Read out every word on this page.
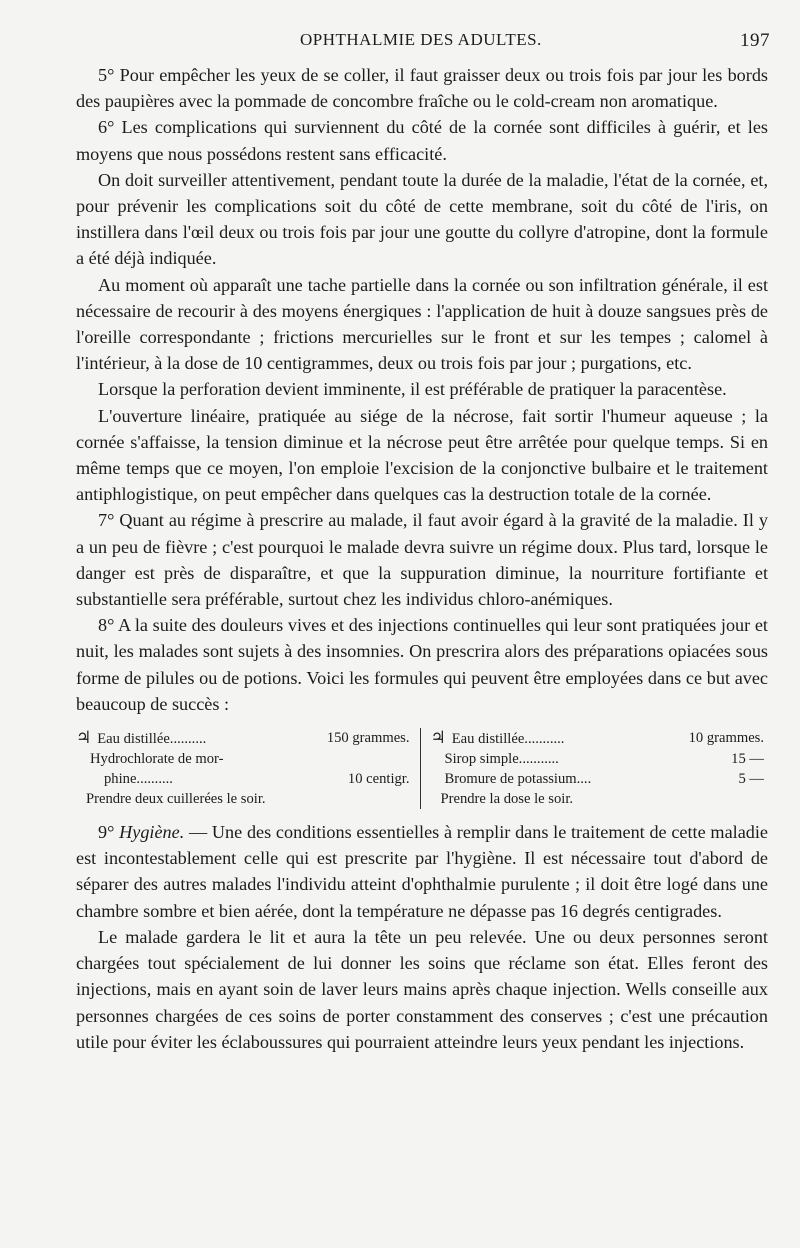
OPHTHALMIE DES ADULTES.	197

5° Pour empêcher les yeux de se coller, il faut graisser deux ou trois fois par jour les bords des paupières avec la pommade de concombre fraîche ou le cold-cream non aromatique.

6° Les complications qui surviennent du côté de la cornée sont difficiles à guérir, et les moyens que nous possédons restent sans efficacité.

On doit surveiller attentivement, pendant toute la durée de la maladie, l'état de la cornée, et, pour prévenir les complications soit du côté de cette membrane, soit du côté de l'iris, on instillera dans l'œil deux ou trois fois par jour une goutte du collyre d'atropine, dont la formule a été déjà indiquée.

Au moment où apparaît une tache partielle dans la cornée ou son infiltration générale, il est nécessaire de recourir à des moyens énergiques : l'application de huit à douze sangsues près de l'oreille correspondante ; frictions mercurielles sur le front et sur les tempes ; calomel à l'intérieur, à la dose de 10 centigrammes, deux ou trois fois par jour ; purgations, etc.

Lorsque la perforation devient imminente, il est préférable de pratiquer la paracentèse.

L'ouverture linéaire, pratiquée au siége de la nécrose, fait sortir l'humeur aqueuse ; la cornée s'affaisse, la tension diminue et la nécrose peut être arrêtée pour quelque temps. Si en même temps que ce moyen, l'on emploie l'excision de la conjonctive bulbaire et le traitement antiphlogistique, on peut empêcher dans quelques cas la destruction totale de la cornée.

7° Quant au régime à prescrire au malade, il faut avoir égard à la gravité de la maladie. Il y a un peu de fièvre ; c'est pourquoi le malade devra suivre un régime doux. Plus tard, lorsque le danger est près de disparaître, et que la suppuration diminue, la nourriture fortifiante et substantielle sera préférable, surtout chez les individus chloro-anémiques.

8° A la suite des douleurs vives et des injections continuelles qui leur sont pratiquées jour et nuit, les malades sont sujets à des insomnies. On prescrira alors des préparations opiacées sous forme de pilules ou de potions. Voici les formules qui peuvent être employées dans ce but avec beaucoup de succès :

♃ Eau distillée..........	150 grammes.
Hydrochlorate de mor-
phine..........	10 centigr.
Prendre deux cuillerées le soir.
♃ Eau distillée...........	10 grammes.
Sirop simple...........	15 —
Bromure de potassium....	5 —
Prendre la dose le soir.

9° Hygiène. — Une des conditions essentielles à remplir dans le traitement de cette maladie est incontestablement celle qui est prescrite par l'hygiène. Il est nécessaire tout d'abord de séparer des autres malades l'individu atteint d'ophthalmie purulente ; il doit être logé dans une chambre sombre et bien aérée, dont la température ne dépasse pas 16 degrés centigrades.

Le malade gardera le lit et aura la tête un peu relevée. Une ou deux personnes seront chargées tout spécialement de lui donner les soins que réclame son état. Elles feront des injections, mais en ayant soin de laver leurs mains après chaque injection. Wells conseille aux personnes chargées de ces soins de porter constamment des conserves ; c'est une précaution utile pour éviter les éclaboussures qui pourraient atteindre leurs yeux pendant les injections.
